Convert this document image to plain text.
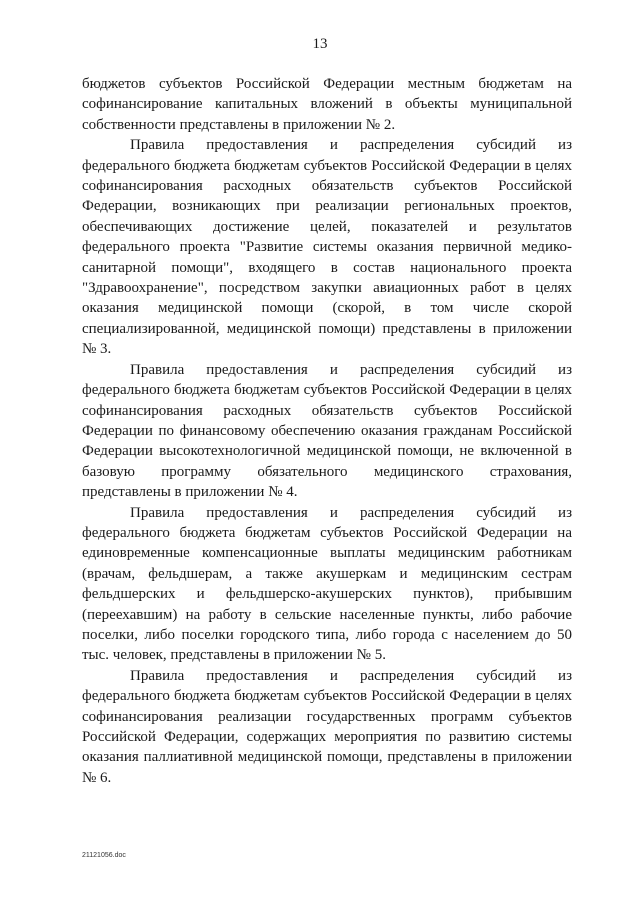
13

бюджетов субъектов Российской Федерации местным бюджетам на софинансирование капитальных вложений в объекты муниципальной собственности представлены в приложении № 2.

Правила предоставления и распределения субсидий из федерального бюджета бюджетам субъектов Российской Федерации в целях софинансирования расходных обязательств субъектов Российской Федерации, возникающих при реализации региональных проектов, обеспечивающих достижение целей, показателей и результатов федерального проекта "Развитие системы оказания первичной медико-санитарной помощи", входящего в состав национального проекта "Здравоохранение", посредством закупки авиационных работ в целях оказания медицинской помощи (скорой, в том числе скорой специализированной, медицинской помощи) представлены в приложении № 3.

Правила предоставления и распределения субсидий из федерального бюджета бюджетам субъектов Российской Федерации в целях софинансирования расходных обязательств субъектов Российской Федерации по финансовому обеспечению оказания гражданам Российской Федерации высокотехнологичной медицинской помощи, не включенной в базовую программу обязательного медицинского страхования, представлены в приложении № 4.

Правила предоставления и распределения субсидий из федерального бюджета бюджетам субъектов Российской Федерации на единовременные компенсационные выплаты медицинским работникам (врачам, фельдшерам, а также акушеркам и медицинским сестрам фельдшерских и фельдшерско-акушерских пунктов), прибывшим (переехавшим) на работу в сельские населенные пункты, либо рабочие поселки, либо поселки городского типа, либо города с населением до 50 тыс. человек, представлены в приложении № 5.

Правила предоставления и распределения субсидий из федерального бюджета бюджетам субъектов Российской Федерации в целях софинансирования реализации государственных программ субъектов Российской Федерации, содержащих мероприятия по развитию системы оказания паллиативной медицинской помощи, представлены в приложении № 6.

21121056.doc
